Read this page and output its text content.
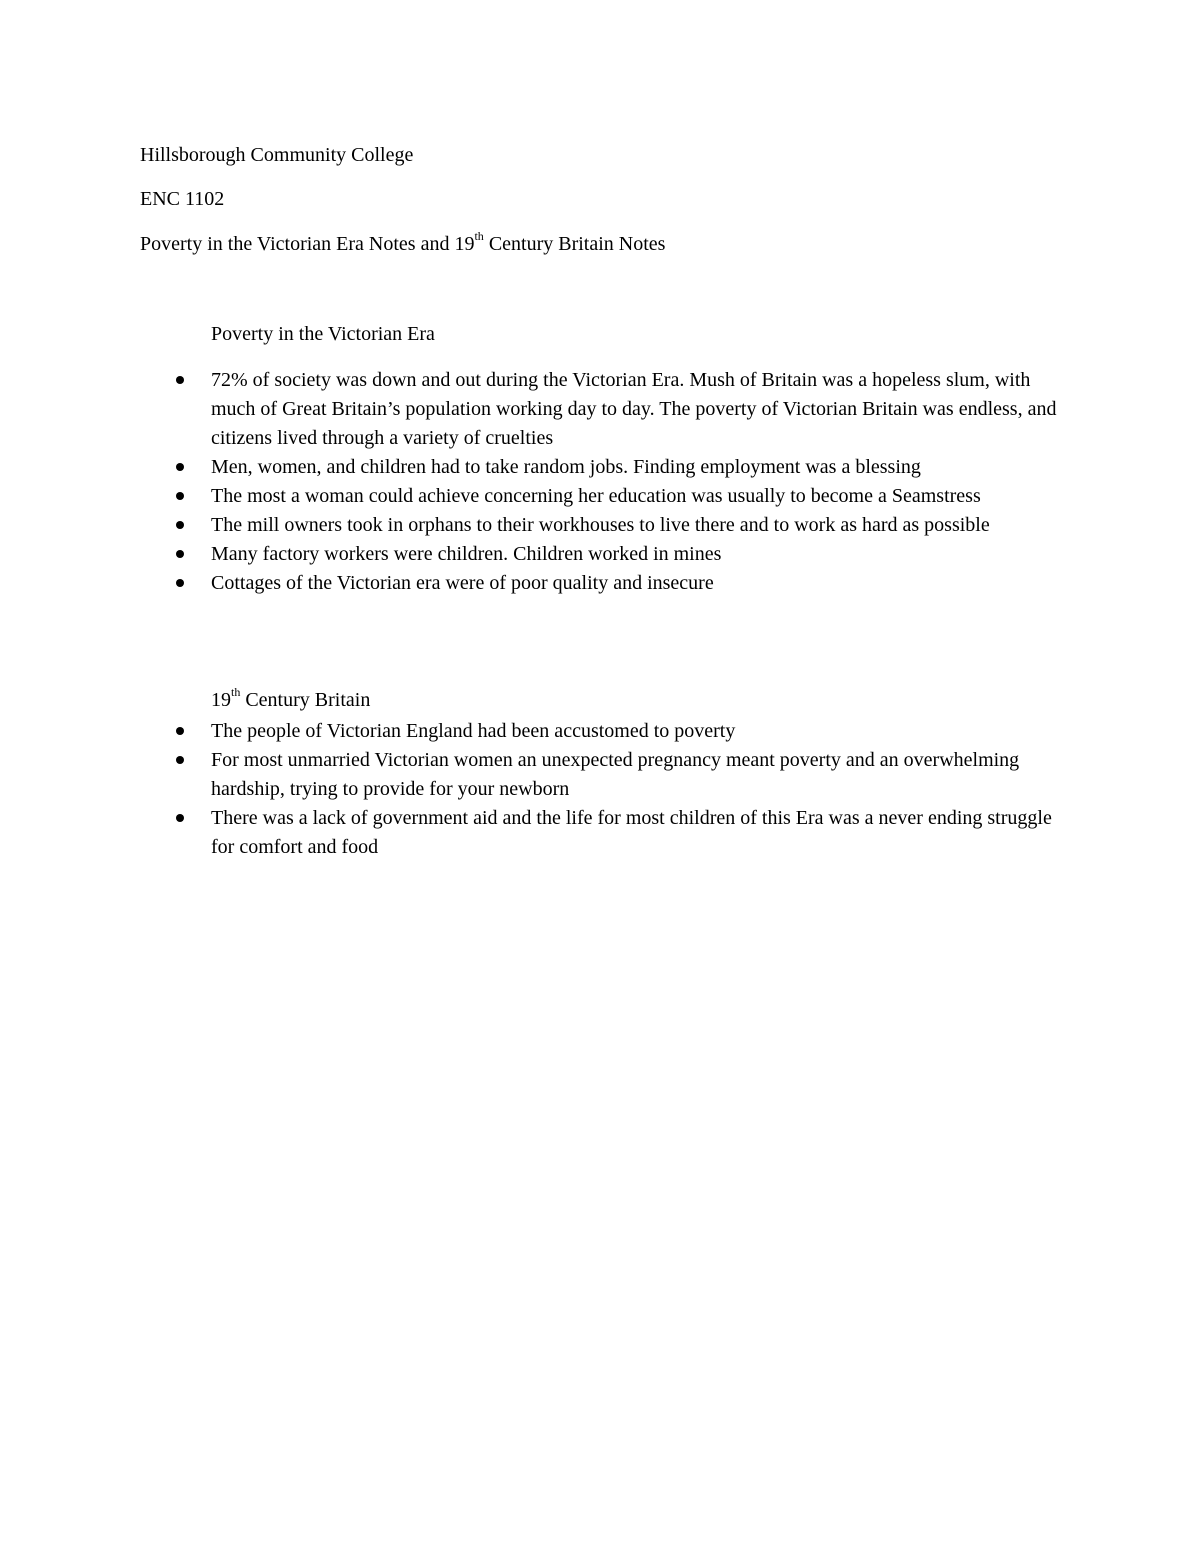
Hillsborough Community College
ENC 1102
Poverty in the Victorian Era Notes and 19th Century Britain Notes
Poverty in the Victorian Era
72% of society was down and out during the Victorian Era. Mush of Britain was a hopeless slum, with much of Great Britain’s population working day to day. The poverty of Victorian Britain was endless, and citizens lived through a variety of cruelties
Men, women, and children had to take random jobs. Finding employment was a blessing
The most a woman could achieve concerning her education was usually to become a Seamstress
The mill owners took in orphans to their workhouses to live there and to work as hard as possible
Many factory workers were children. Children worked in mines
Cottages of the Victorian era were of poor quality and insecure
19th Century Britain
The people of Victorian England had been accustomed to poverty
For most unmarried Victorian women an unexpected pregnancy meant poverty and an overwhelming hardship, trying to provide for your newborn
There was a lack of government aid and the life for most children of this Era was a never ending struggle for comfort and food
